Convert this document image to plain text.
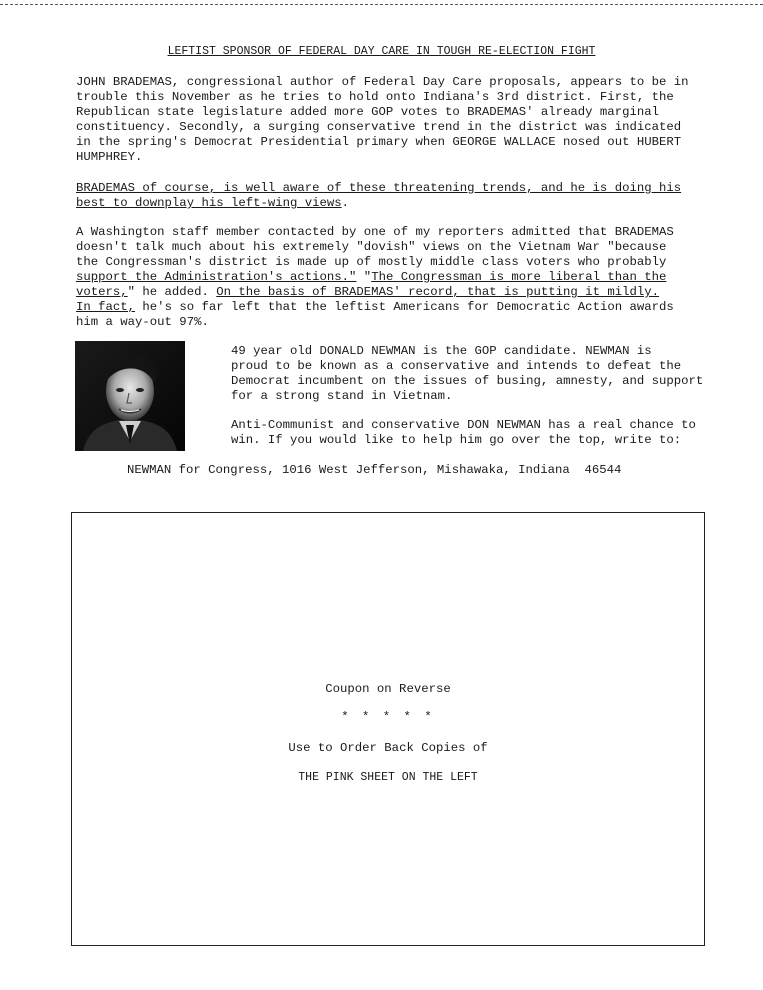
LEFTIST SPONSOR OF FEDERAL DAY CARE IN TOUGH RE-ELECTION FIGHT

JOHN BRADEMAS, congressional author of Federal Day Care proposals, appears to be in
trouble this November as he tries to hold onto Indiana's 3rd district. First, the
Republican state legislature added more GOP votes to BRADEMAS' already marginal
constituency. Secondly, a surging conservative trend in the district was indicated
in the spring's Democrat Presidential primary when GEORGE WALLACE nosed out HUBERT
HUMPHREY.

BRADEMAS of course, is well aware of these threatening trends, and he is doing his
best to downplay his left-wing views.

A Washington staff member contacted by one of my reporters admitted that BRADEMAS
doesn't talk much about his extremely "dovish" views on the Vietnam War "because
the Congressman's district is made up of mostly middle class voters who probably
support the Administration's actions." "The Congressman is more liberal than the
voters," he added. On the basis of BRADEMAS' record, that is putting it mildly.
In fact, he's so far left that the leftist Americans for Democratic Action awards
him a way-out 97%.

49 year old DONALD NEWMAN is the GOP candidate. NEWMAN is
proud to be known as a conservative and intends to defeat the
Democrat incumbent on the issues of busing, amnesty, and support
for a strong stand in Vietnam.

Anti-Communist and conservative DON NEWMAN has a real chance to
win. If you would like to help him go over the top, write to:

NEWMAN for Congress, 1016 West Jefferson, Mishawaka, Indiana  46544
Coupon on Reverse
* * * * *
Use to Order Back Copies of
THE PINK SHEET ON THE LEFT
